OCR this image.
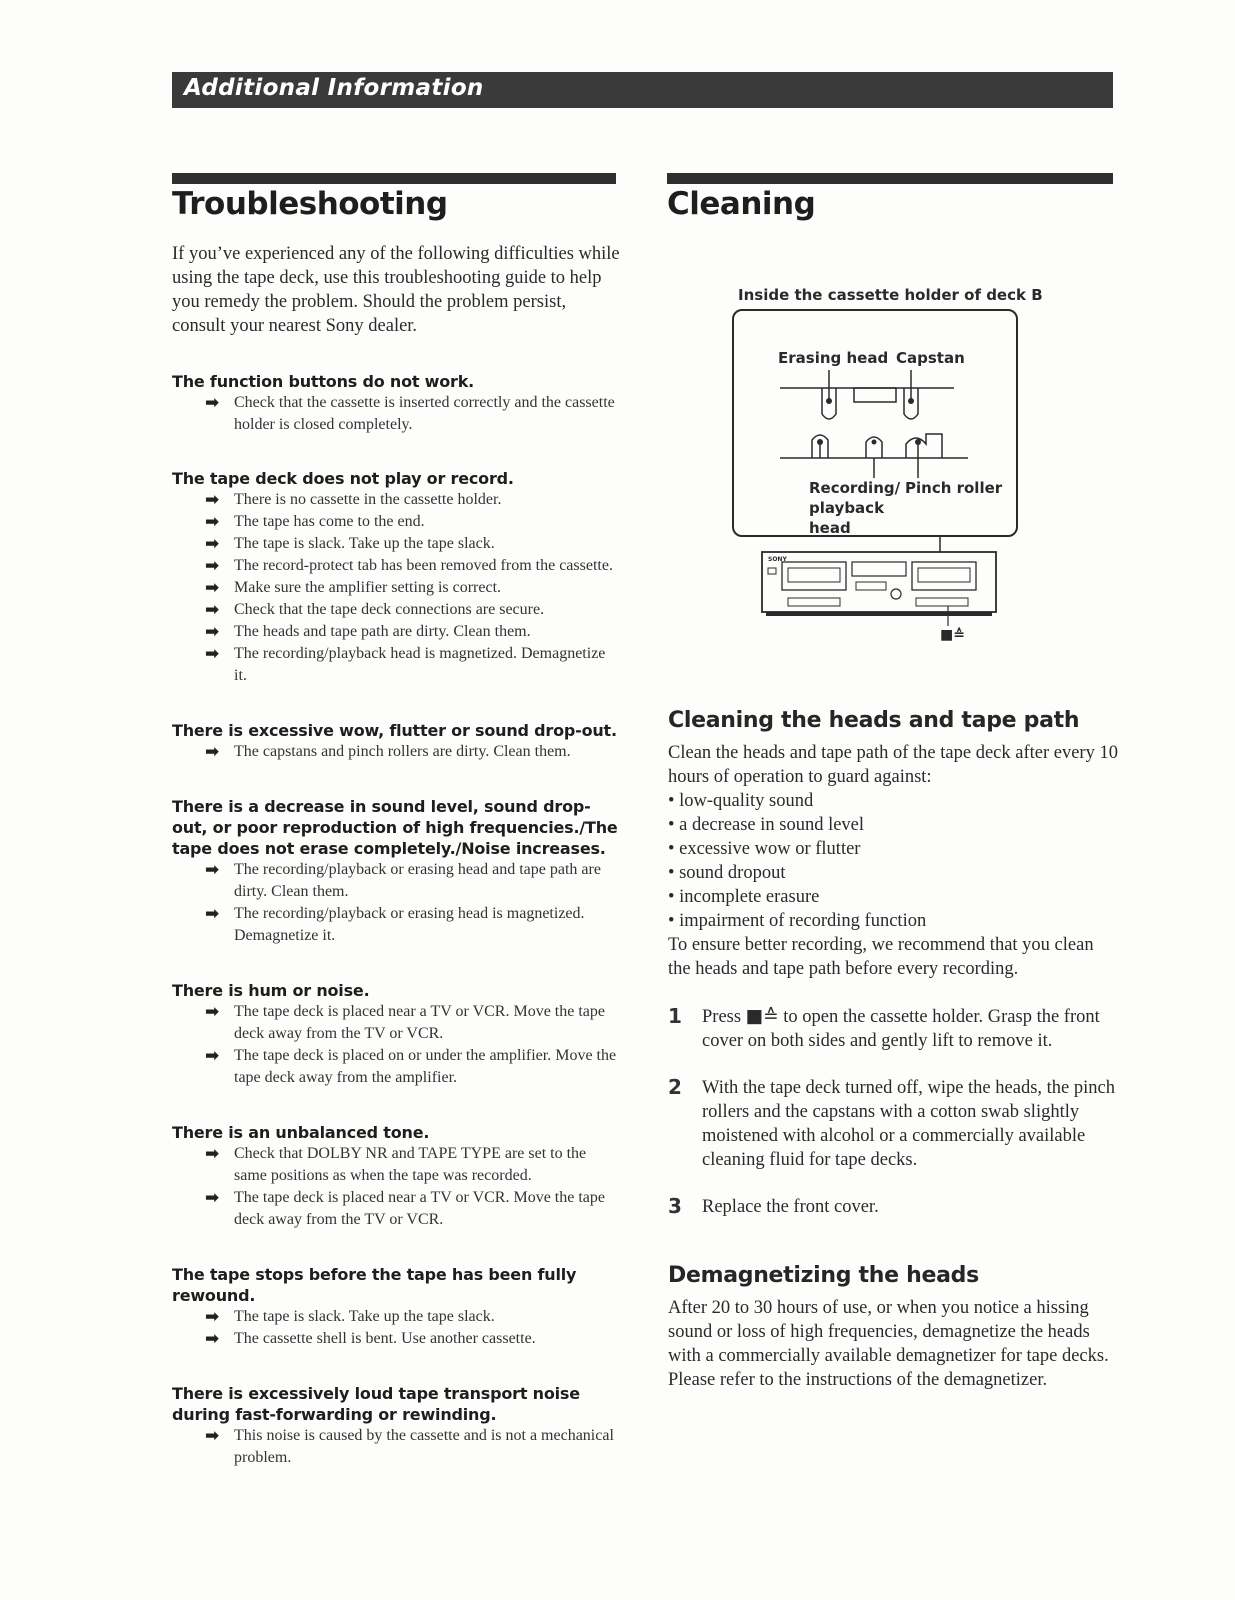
Additional Information
Troubleshooting	Cleaning

If you’ve experienced any of the following difficulties while using the tape deck, use this troubleshooting guide to help you remedy the problem. Should the problem persist, consult your nearest Sony dealer.

The function buttons do not work.

➡ Check that the cassette is inserted correctly and the cassette holder is closed completely.

The tape deck does not play or record.

➡ There is no cassette in the cassette holder.

➡ The tape has come to the end.

➡ The tape is slack. Take up the tape slack.

➡ The record-protect tab has been removed from the cassette.

➡ Make sure the amplifier setting is correct.

➡ Check that the tape deck connections are secure.

➡ The heads and tape path are dirty. Clean them.

➡ The recording/playback head is magnetized. Demagnetize it.

There is excessive wow, flutter or sound drop-out.

➡ The capstans and pinch rollers are dirty. Clean them.

There is a decrease in sound level, sound drop-out, or poor reproduction of high frequencies./The tape does not erase completely./Noise increases.

➡ The recording/playback or erasing head and tape path are dirty. Clean them.

➡ The recording/playback or erasing head is magnetized. Demagnetize it.

There is hum or noise.

➡ The tape deck is placed near a TV or VCR. Move the tape deck away from the TV or VCR.

➡ The tape deck is placed on or under the amplifier. Move the tape deck away from the amplifier.

There is an unbalanced tone.

➡ Check that DOLBY NR and TAPE TYPE are set to the same positions as when the tape was recorded.

➡ The tape deck is placed near a TV or VCR. Move the tape deck away from the TV or VCR.

The tape stops before the tape has been fully rewound.

➡ The tape is slack. Take up the tape slack.

➡ The cassette shell is bent. Use another cassette.

There is excessively loud tape transport noise during fast-forwarding or rewinding.

➡ This noise is caused by the cassette and is not a mechanical problem.

Inside the cassette holder of deck B
SONY
Erasing head Capstan
Recording/
playback
head
Pinch roller
■≙

Cleaning the heads and tape path

Clean the heads and tape path of the tape deck after every 10 hours of operation to guard against:

• low-quality sound

• a decrease in sound level

• excessive wow or flutter

• sound dropout

• incomplete erasure

• impairment of recording function

To ensure better recording, we recommend that you clean the heads and tape path before every recording.

1 Press ■≙ to open the cassette holder. Grasp the front cover on both sides and gently lift to remove it.

2 With the tape deck turned off, wipe the heads, the pinch rollers and the capstans with a cotton swab slightly moistened with alcohol or a commercially available cleaning fluid for tape decks.

3 Replace the front cover.

Demagnetizing the heads

After 20 to 30 hours of use, or when you notice a hissing sound or loss of high frequencies, demagnetize the heads with a commercially available demagnetizer for tape decks. Please refer to the instructions of the demagnetizer.
